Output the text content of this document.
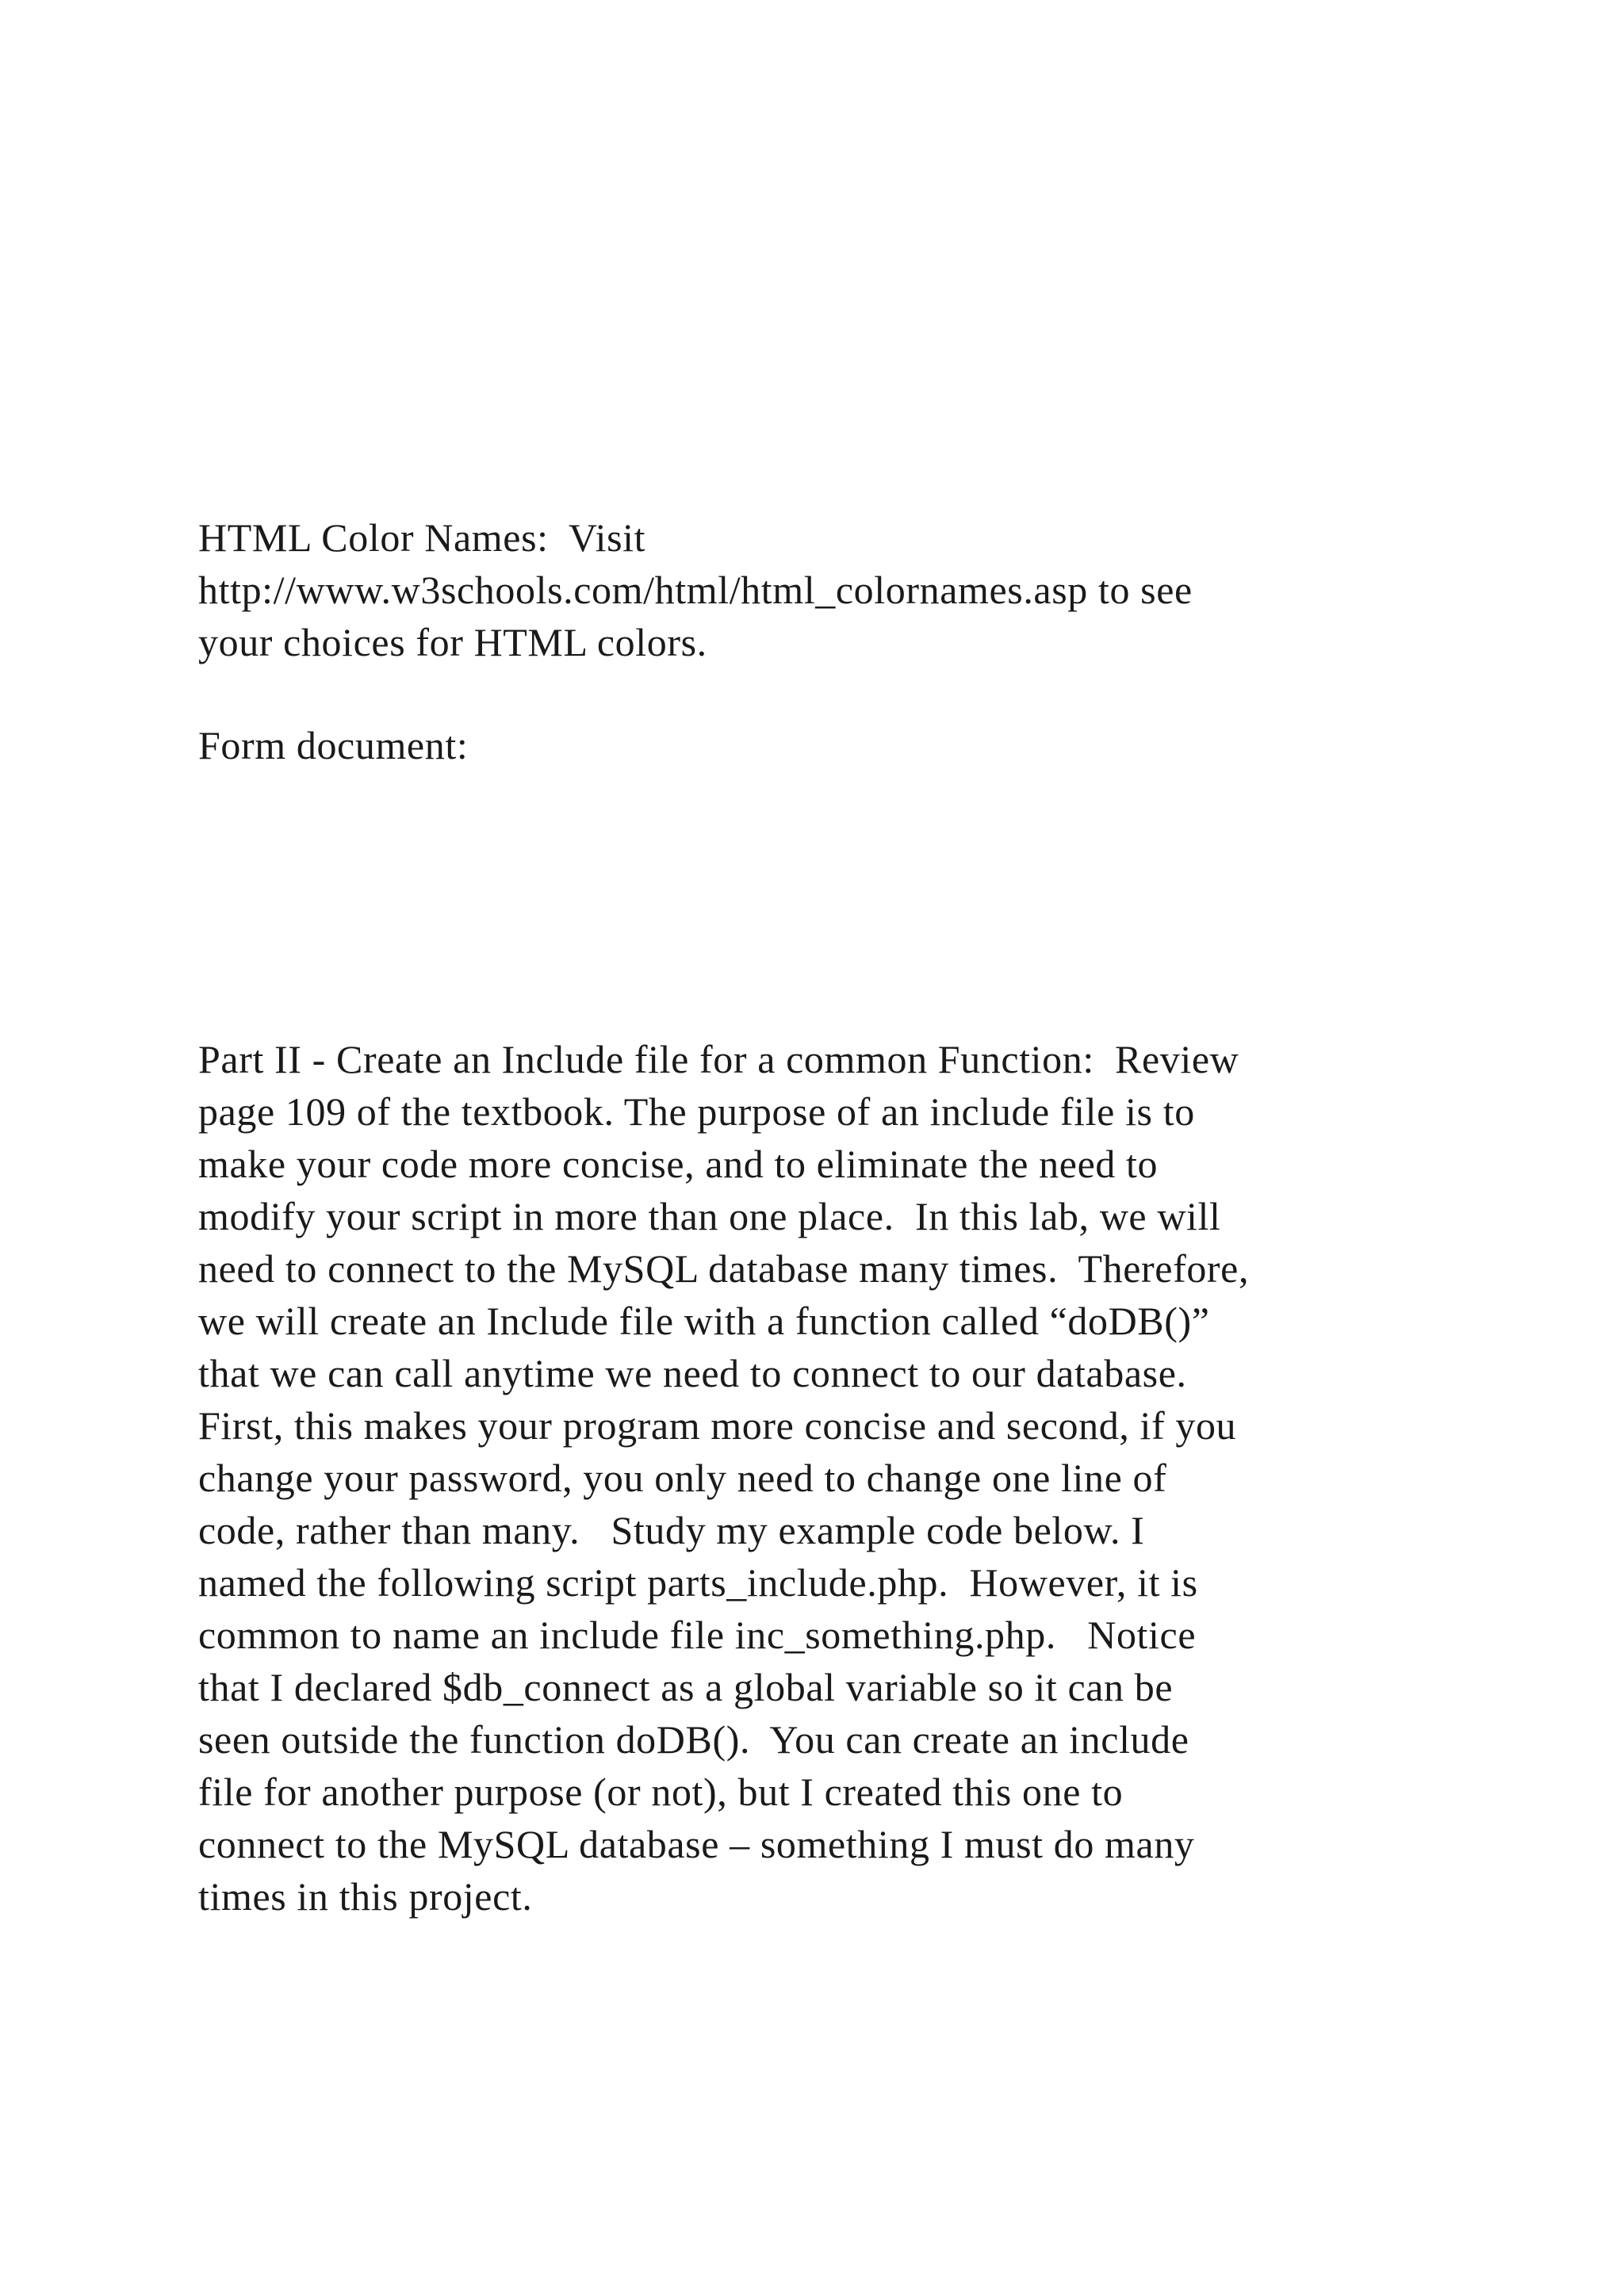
HTML Color Names:  Visit

http://www.w3schools.com/html/html_colornames.asp to see

your choices for HTML colors.

Form document:

Part II - Create an Include file for a common Function:  Review

page 109 of the textbook. The purpose of an include file is to

make your code more concise, and to eliminate the need to

modify your script in more than one place.  In this lab, we will

need to connect to the MySQL database many times.  Therefore,

we will create an Include file with a function called “doDB()”

that we can call anytime we need to connect to our database.

First, this makes your program more concise and second, if you

change your password, you only need to change one line of

code, rather than many.   Study my example code below. I

named the following script parts_include.php.  However, it is

common to name an include file inc_something.php.   Notice

that I declared $db_connect as a global variable so it can be

seen outside the function doDB().  You can create an include

file for another purpose (or not), but I created this one to

connect to the MySQL database – something I must do many

times in this project.
